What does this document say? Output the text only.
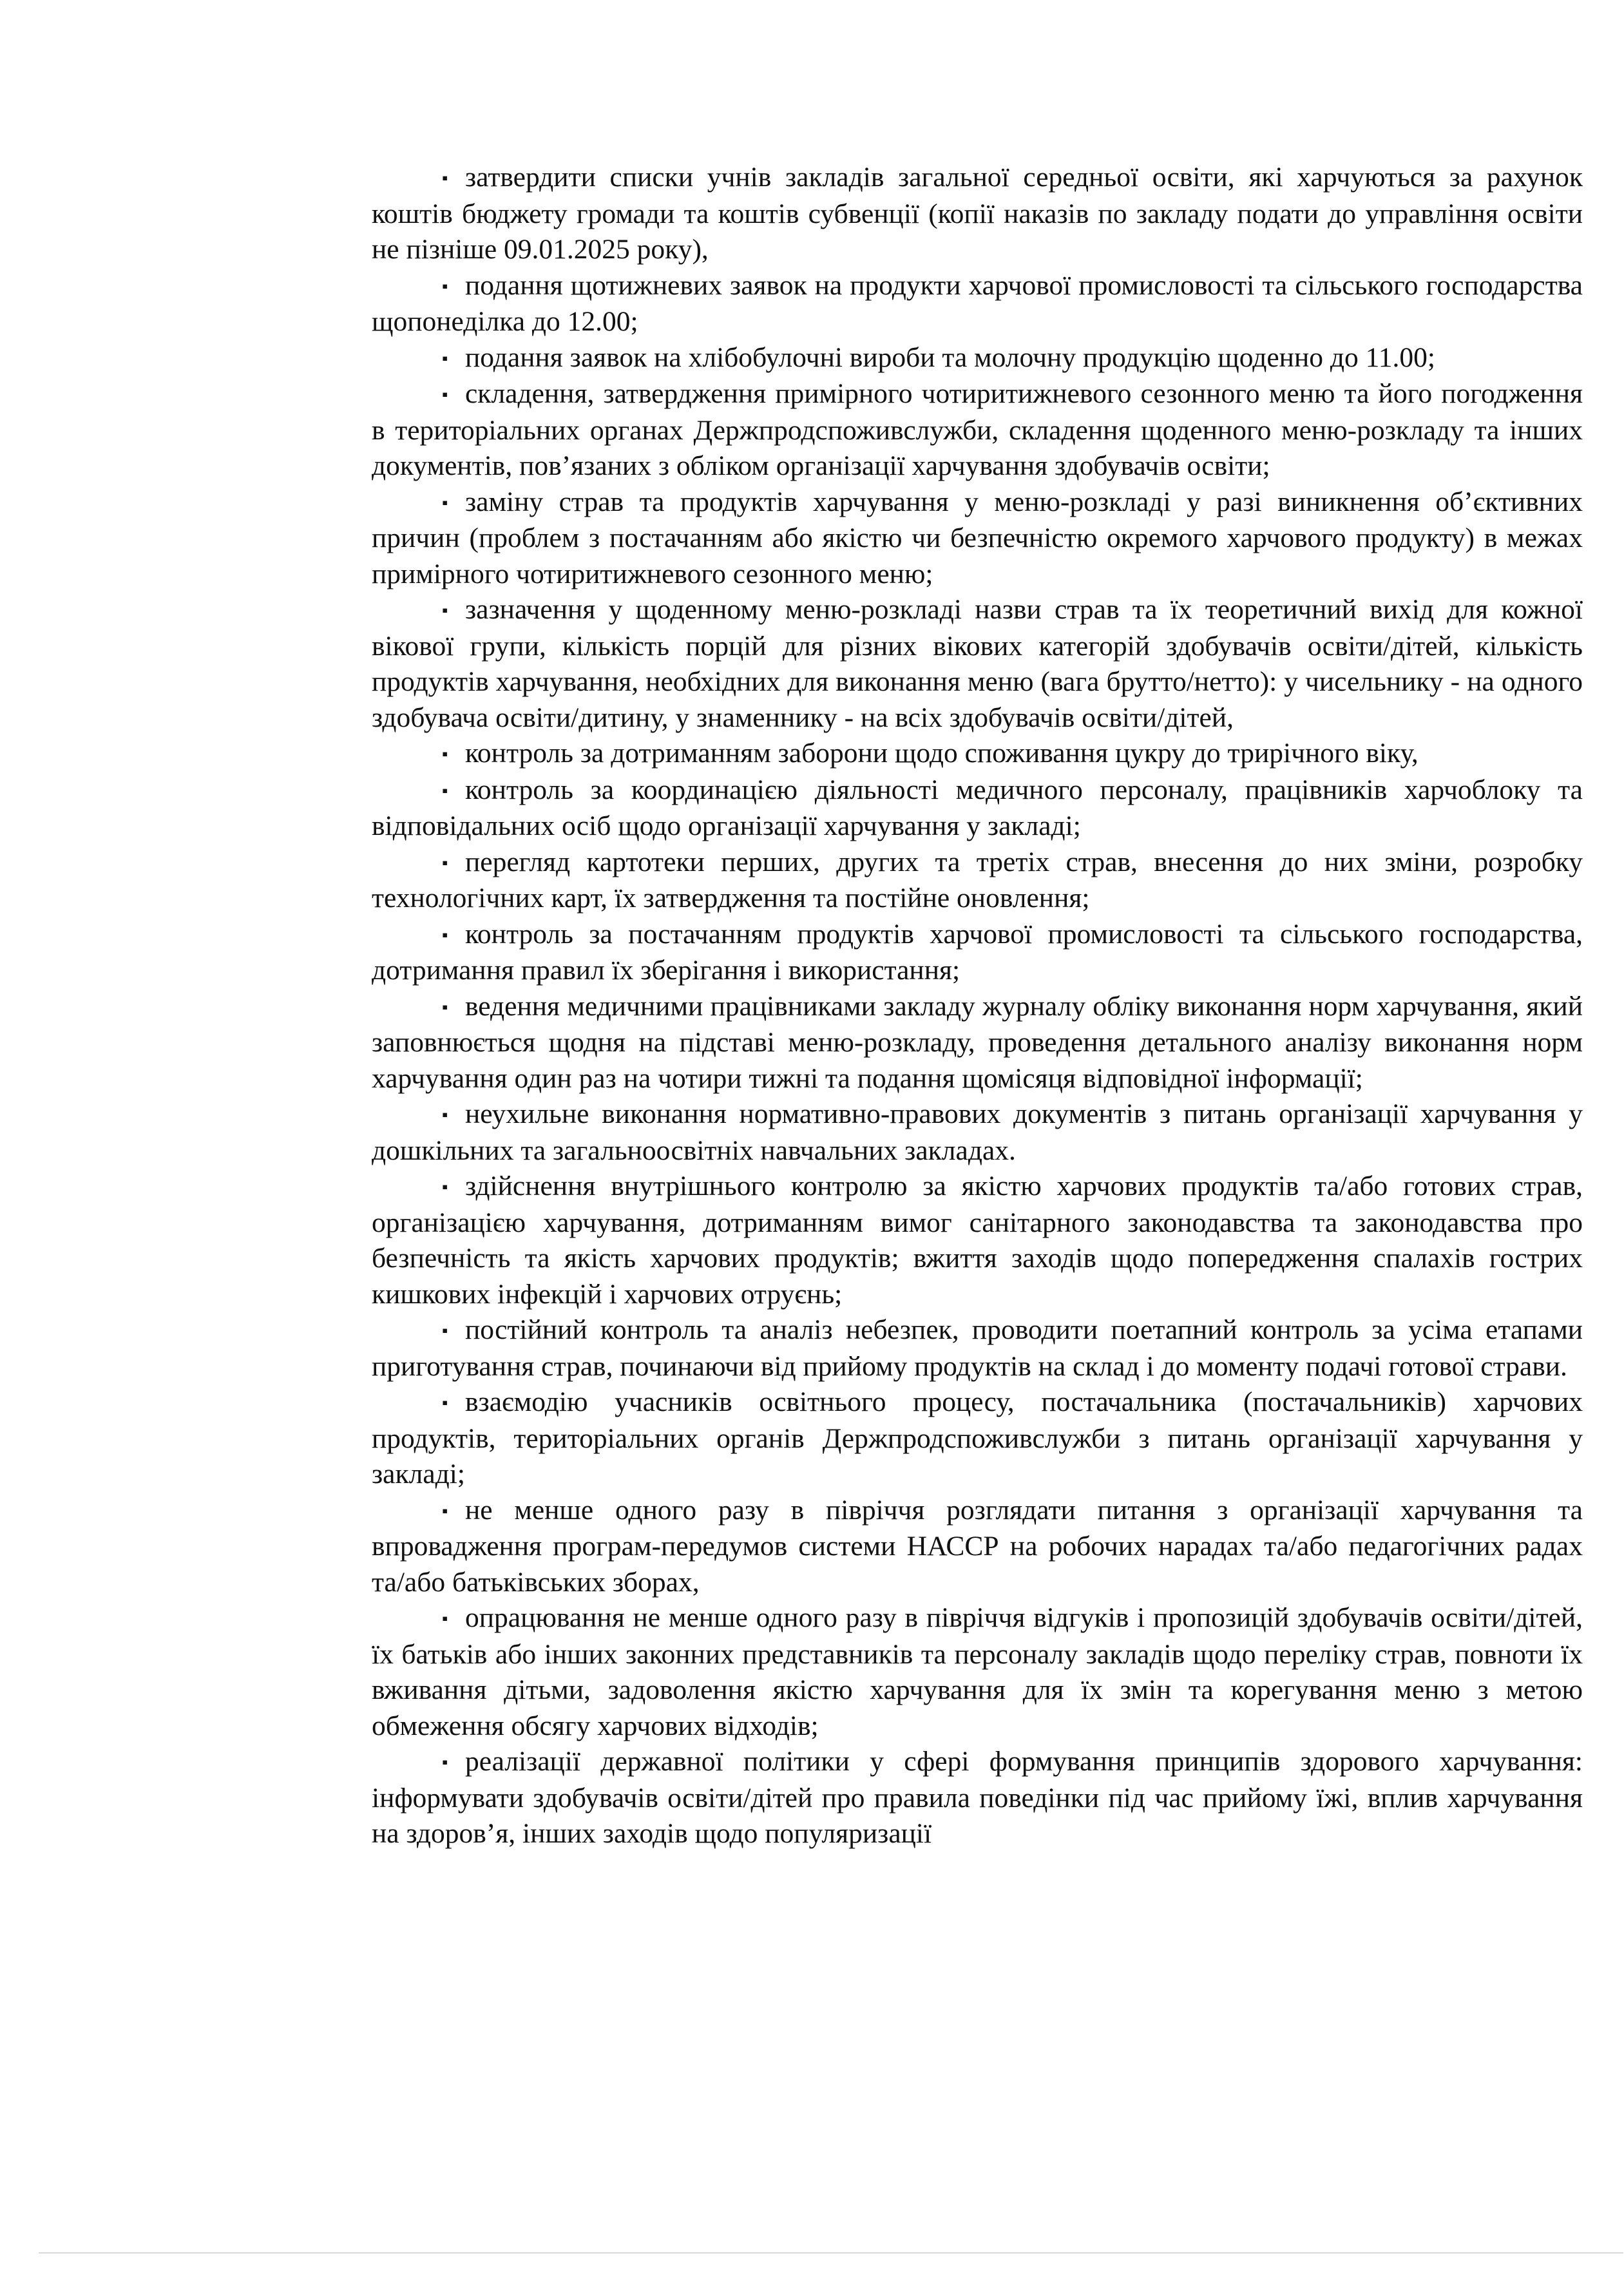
▪ затвердити списки учнів закладів загальної середньої освіти, які харчуються за рахунок коштів бюджету громади та коштів субвенції (копії наказів по закладу подати до управління освіти не пізніше 09.01.2025 року),

▪ подання щотижневих заявок на продукти харчової промисловості та сільського господарства щопонеділка до 12.00;

▪ подання заявок на хлібобулочні вироби та молочну продукцію щоденно до 11.00;

▪ складення, затвердження примірного чотиритижневого сезонного меню та його погодження в територіальних органах Держпродспоживслужби, складення щоденного меню-розкладу та інших документів, пов’язаних з обліком організації харчування здобувачів освіти;

▪ заміну страв та продуктів харчування у меню-розкладі у разі виникнення об’єктивних причин (проблем з постачанням або якістю чи безпечністю окремого харчового продукту) в межах примірного чотиритижневого сезонного меню;

▪ зазначення у щоденному меню-розкладі назви страв та їх теоретичний вихід для кожної вікової групи, кількість порцій для різних вікових категорій здобувачів освіти/дітей, кількість продуктів харчування, необхідних для виконання меню (вага брутто/нетто): у чисельнику - на одного здобувача освіти/дитину, у знаменнику - на всіх здобувачів освіти/дітей,

▪ контроль за дотриманням заборони щодо споживання цукру до трирічного віку,

▪ контроль за координацією діяльності медичного персоналу, працівників харчоблоку та відповідальних осіб щодо організації харчування у закладі;

▪ перегляд картотеки перших, других та третіх страв, внесення до них зміни, розробку технологічних карт, їх затвердження та постійне оновлення;

▪ контроль за постачанням продуктів харчової промисловості та сільського господарства, дотримання правил їх зберігання і використання;

▪ ведення медичними працівниками закладу журналу обліку виконання норм харчування, який заповнюється щодня на підставі меню-розкладу, проведення детального аналізу виконання норм харчування один раз на чотири тижні та подання щомісяця відповідної інформації;

▪ неухильне виконання нормативно-правових документів з питань організації харчування у дошкільних та загальноосвітніх навчальних закладах.

▪ здійснення внутрішнього контролю за якістю харчових продуктів та/або готових страв, організацією харчування, дотриманням вимог санітарного законодавства та законодавства про безпечність та якість харчових продуктів; вжиття заходів щодо попередження спалахів гострих кишкових інфекцій і харчових отруєнь;

▪ постійний контроль та аналіз небезпек, проводити поетапний контроль за усіма етапами приготування страв, починаючи від прийому продуктів на склад і до моменту подачі готової страви.

▪ взаємодію учасників освітнього процесу, постачальника (постачальників) харчових продуктів, територіальних органів Держпродспоживслужби з питань організації харчування у закладі;

▪ не менше одного разу в півріччя розглядати питання з організації харчування та впровадження програм-передумов системи НАССР на робочих нарадах та/або педагогічних радах та/або батьківських зборах,

▪ опрацювання не менше одного разу в півріччя відгуків і пропозицій здобувачів освіти/дітей, їх батьків або інших законних представників та персоналу закладів щодо переліку страв, повноти їх вживання дітьми, задоволення якістю харчування для їх змін та корегування меню з метою обмеження обсягу харчових відходів;

▪ реалізації державної політики у сфері формування принципів здорового харчування: інформувати здобувачів освіти/дітей про правила поведінки під час прийому їжі, вплив харчування на здоров’я, інших заходів щодо популяризації
